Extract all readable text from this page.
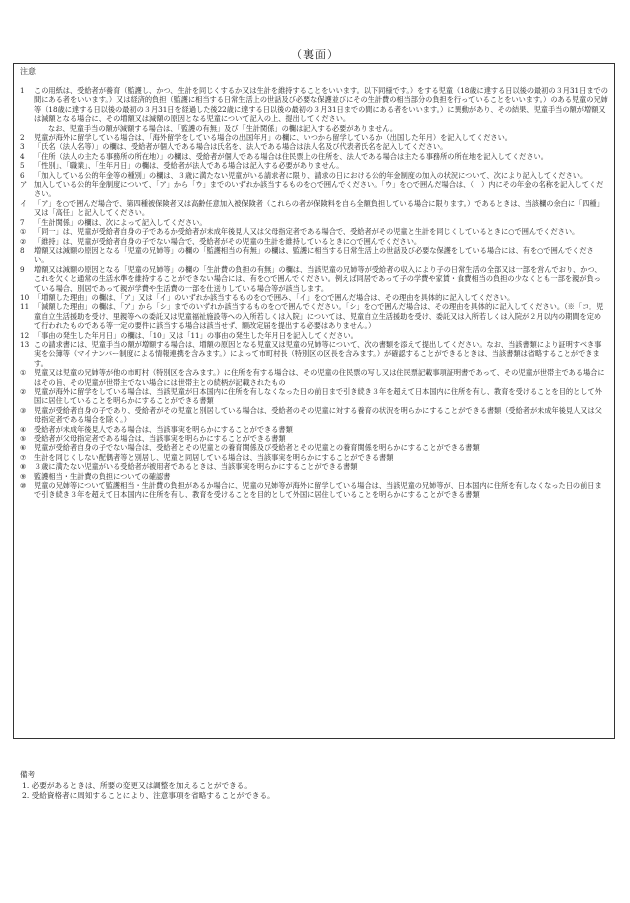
（裏面）
注意
1	この用紙は、受給者が養育（監護し、かつ、生計を同じくするか又は生計を維持することをいいます。以下同様です。）をする児童（18歳に達する日以後の最初の３月31日までの間にある者をいいます。）又は経済的負担（監護に相当する日常生活上の世話及び必要な保護並びにその生計費の相当部分の負担を行っていることをいいます。）のある児童の兄姉等（18歳に達する日以後の最初の３月31日を経過した後22歳に達する日以後の最初の３月31日までの間にある者をいいます。）に異動があり、その結果、児童手当の額が増額又は減額となる場合に、その増額又は減額の原因となる児童について記入の上、提出してください。
なお、児童手当の額が減額する場合は、「監護の有無」及び「生計関係」の欄は記入する必要がありません。
2	児童が海外に留学している場合は、「海外留学をしている場合の出国年月」の欄に、いつから留学しているか（出国した年月）を記入してください。
3	「氏名（法人名等）」の欄は、受給者が個人である場合は氏名を、法人である場合は法人名及び代表者氏名を記入してください。
4	「住所（法人の主たる事務所の所在地）」の欄は、受給者が個人である場合は住民票上の住所を、法人である場合は主たる事務所の所在地を記入してください。
5	「性別」、「職業」、「生年月日」の欄は、受給者が法人である場合は記入する必要がありません。
6	「加入している公的年金等の種別」の欄は、３歳に満たない児童がいる請求者に限り、請求の日における公的年金制度の加入の状況について、次により記入してください。
ア 加入している公的年金制度について、「ア」から「ウ」までのいずれか該当するものを○で囲んでください。「ウ」を○で囲んだ場合は、（　）内にその年金の名称を記入してください。
イ 「ア」を○で囲んだ場合で、第四種被保険者又は高齢任意加入被保険者（これらの者が保険料を自ら全額負担している場合に限ります。）であるときは、当該欄の余白に「四種」又は「高任」と記入してください。
7	「生計関係」の欄は、次によって記入してください。
①	「同一」は、児童が受給者自身の子であるか受給者が未成年後見人又は父母指定者である場合で、受給者がその児童と生計を同じくしているときに○で囲んでください。
②	「維持」は、児童が受給者自身の子でない場合で、受給者がその児童の生計を維持しているときに○で囲んでください。
8	増額又は減額の原因となる「児童の兄姉等」の欄の「監護相当の有無」の欄は、監護に相当する日常生活上の世話及び必要な保護をしている場合には、有を○で囲んでください。
9	増額又は減額の原因となる「児童の兄姉等」の欄の「生計費の負担の有無」の欄は、当該児童の兄姉等が受給者の収入により子の日常生活の全部又は一部を営んでおり、かつ、これを欠くと通常の生活水準を維持することができない場合には、有を○で囲んでください。例えば同居であって子の学費や家賃・食費相当の負担の少なくとも一部を親が負っている場合、別居であって親が学費や生活費の一部を仕送りしている場合等が該当します。
10 「増額した理由」の欄は、「ア」又は「イ」のいずれか該当するものを○で囲み、「イ」を○で囲んだ場合は、その理由を具体的に記入してください。
11 「減額した理由」の欄は、「ア」から「シ」までのいずれか該当するものを○で囲んでください。「シ」を○で囲んだ場合は、その理由を具体的に記入してください。（※「コ．児童自立生活援助を受け、里親等への委託又は児童福祉施設等への入所若しくは入院」については、児童自立生活援助を受け、委託又は入所若しくは入院が２月以内の期間を定めて行われたものである等一定の要件に該当する場合は該当せず、額改定届を提出する必要はありません。）
12 「事由の発生した年月日」の欄は、「10」又は「11」の事由の発生した年月日を記入してください。
13 この請求書には、児童手当の額が増額する場合は、増額の原因となる児童又は児童の兄姉等について、次の書類を添えて提出してください。なお、当該書類により証明すべき事実を公簿等（マイナンバー制度による情報連携を含みます。）によって市町村長（特別区の区長を含みます。）が確認することができるときは、当該書類は省略することができます。
①	児童又は児童の兄姉等が他の市町村（特別区を含みます。）に住所を有する場合は、その児童の住民票の写し又は住民票記載事項証明書であって、その児童が世帯主である場合にはその旨、その児童が世帯主でない場合には世帯主との続柄が記載されたもの
②	児童が海外に留学をしている場合は、当該児童が日本国内に住所を有しなくなった日の前日まで引き続き３年を超えて日本国内に住所を有し、教育を受けることを目的として外国に居住していることを明らかにすることができる書類
③	児童が受給者自身の子であり、受給者がその児童と別居している場合は、受給者のその児童に対する養育の状況を明らかにすることができる書類（受給者が未成年後見人又は父母指定者である場合を除く。）
④	受給者が未成年後見人である場合は、当該事実を明らかにすることができる書類
⑤	受給者が父母指定者である場合は、当該事実を明らかにすることができる書類
⑥	児童が受給者自身の子でない場合は、受給者とその児童との養育関係及び受給者とその児童との養育関係を明らかにすることができる書類
⑦	生計を同じくしない配偶者等と別居し、児童と同居している場合は、当該事実を明らかにすることができる書類
⑧	３歳に満たない児童がいる受給者が被用者であるときは、当該事実を明らかにすることができる書類
⑨	監護相当・生計費の負担についての確認書
⑩	児童の兄姉等について監護相当・生計費の負担があるか場合に、児童の兄姉等が海外に留学している場合は、当該児童の兄姉等が、日本国内に住所を有しなくなった日の前日まで引き続き３年を超えて日本国内に住所を有し、教育を受けることを目的として外国に居住していることを明らかにすることができる書類
備考
1. 必要があるときは、所要の変更又は調整を加えることができる。
2. 受給資格者に周知することにより、注意事項を省略することができる。
